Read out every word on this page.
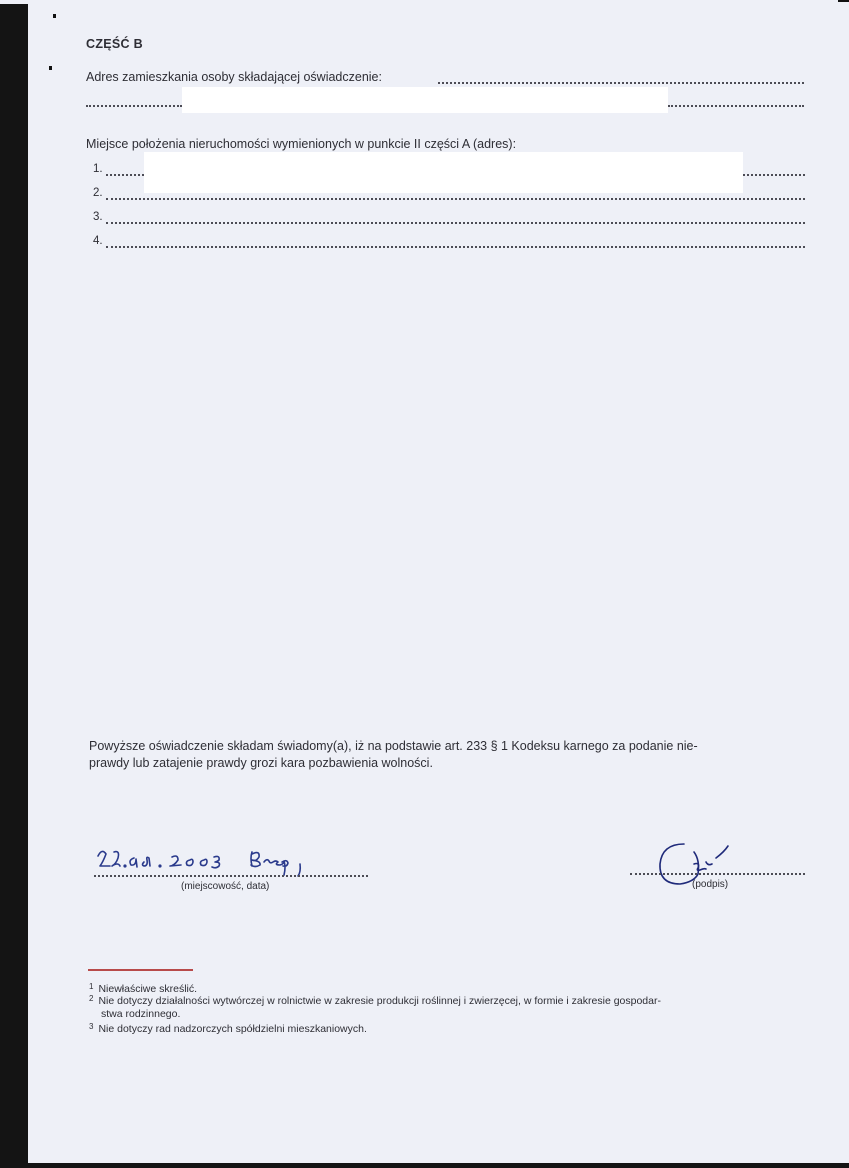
CZĘŚĆ B
Adres zamieszkania osoby składającej oświadczenie:
Miejsce położenia nieruchomości wymienionych w punkcie II części A (adres):
1.
2.
3.
4.
Powyższe oświadczenie składam świadomy(a), iż na podstawie art. 233 § 1 Kodeksu karnego za podanie nie-
prawdy lub zatajenie prawdy grozi kara pozbawienia wolności.
(miejscowość, data)	(podpis)
$^1$ Niewłaściwe skreślić.
$^2$ Nie dotyczy działalności wytwórczej w rolnictwie w zakresie produkcji roślinnej i zwierzęcej, w formie i zakresie gospodar-
stwa rodzinnego.
$^3$ Nie dotyczy rad nadzorczych spółdzielni mieszkaniowych.
